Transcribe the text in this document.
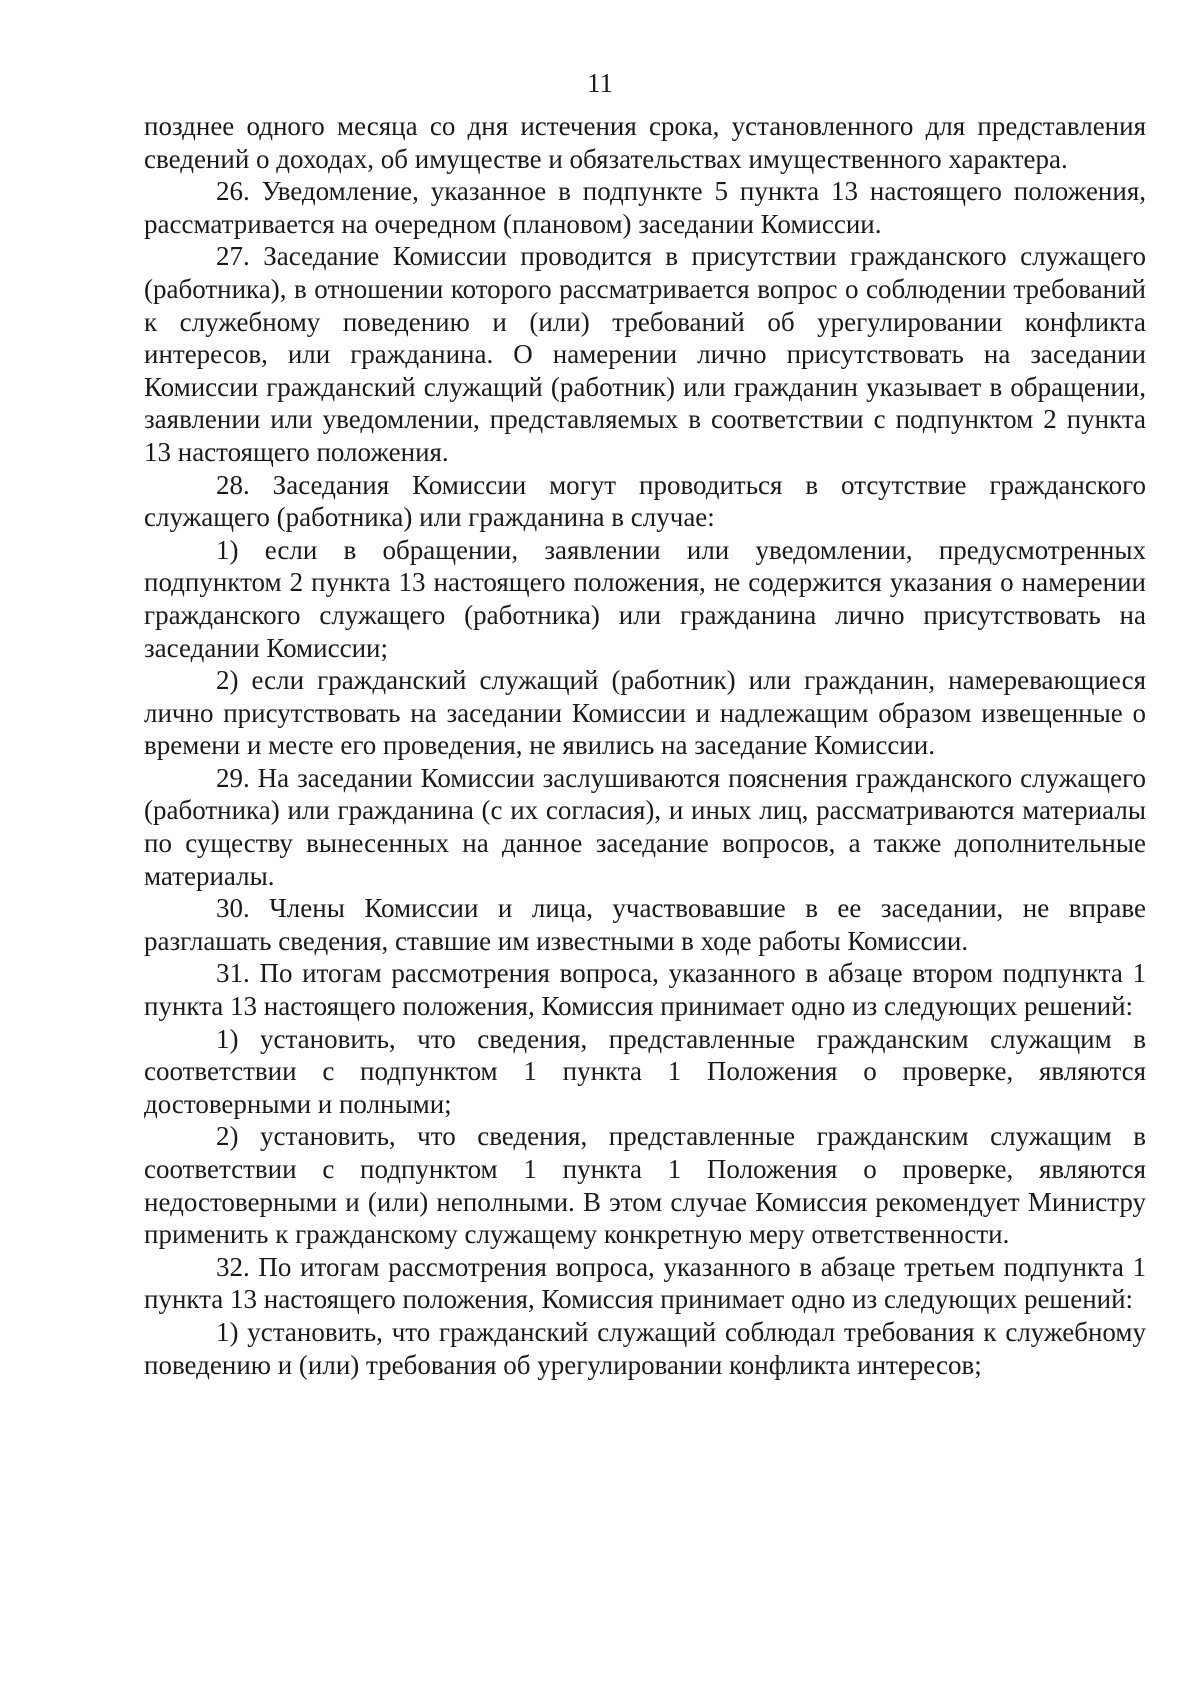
11

позднее одного месяца со дня истечения срока, установленного для представления сведений о доходах, об имуществе и обязательствах имущественного характера.

26. Уведомление, указанное в подпункте 5 пункта 13 настоящего положения, рассматривается на очередном (плановом) заседании Комиссии.

27. Заседание Комиссии проводится в присутствии гражданского служащего (работника), в отношении которого рассматривается вопрос о соблюдении требований к служебному поведению и (или) требований об урегулировании конфликта интересов, или гражданина. О намерении лично присутствовать на заседании Комиссии гражданский служащий (работник) или гражданин указывает в обращении, заявлении или уведомлении, представляемых в соответствии с подпунктом 2 пункта 13 настоящего положения.

28. Заседания Комиссии могут проводиться в отсутствие гражданского служащего (работника) или гражданина в случае:

1) если в обращении, заявлении или уведомлении, предусмотренных подпунктом 2 пункта 13 настоящего положения, не содержится указания о намерении гражданского служащего (работника) или гражданина лично присутствовать на заседании Комиссии;

2) если гражданский служащий (работник) или гражданин, намеревающиеся лично присутствовать на заседании Комиссии и надлежащим образом извещенные о времени и месте его проведения, не явились на заседание Комиссии.

29. На заседании Комиссии заслушиваются пояснения гражданского служащего (работника) или гражданина (с их согласия), и иных лиц, рассматриваются материалы по существу вынесенных на данное заседание вопросов, а также дополнительные материалы.

30. Члены Комиссии и лица, участвовавшие в ее заседании, не вправе разглашать сведения, ставшие им известными в ходе работы Комиссии.

31. По итогам рассмотрения вопроса, указанного в абзаце втором подпункта 1 пункта 13 настоящего положения, Комиссия принимает одно из следующих решений:

1) установить, что сведения, представленные гражданским служащим в соответствии с подпунктом 1 пункта 1 Положения о проверке, являются достоверными и полными;

2) установить, что сведения, представленные гражданским служащим в соответствии с подпунктом 1 пункта 1 Положения о проверке, являются недостоверными и (или) неполными. В этом случае Комиссия рекомендует Министру применить к гражданскому служащему конкретную меру ответственности.

32. По итогам рассмотрения вопроса, указанного в абзаце третьем подпункта 1 пункта 13 настоящего положения, Комиссия принимает одно из следующих решений:

1) установить, что гражданский служащий соблюдал требования к служебному поведению и (или) требования об урегулировании конфликта интересов;
